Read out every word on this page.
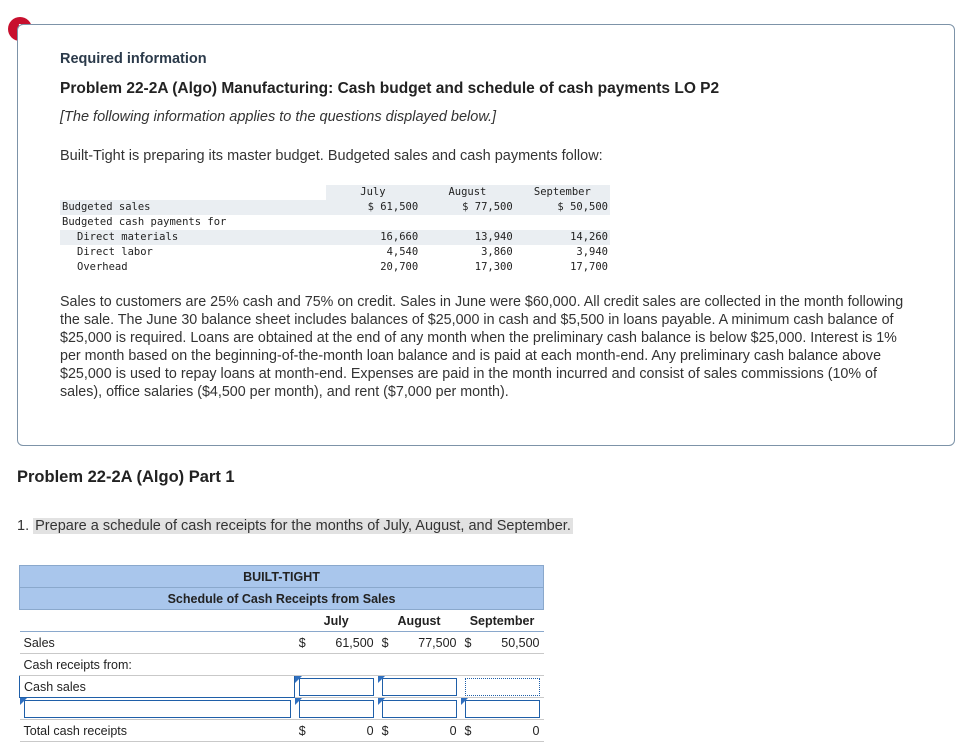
Required information
Problem 22-2A (Algo) Manufacturing: Cash budget and schedule of cash payments LO P2
[The following information applies to the questions displayed below.]
Built-Tight is preparing its master budget. Budgeted sales and cash payments follow:
	July	August	September
Budgeted sales	$ 61,500	$ 77,500	$ 50,500
Budgeted cash payments for			
Direct materials	16,660	13,940	14,260
Direct labor	4,540	3,860	3,940
Overhead	20,700	17,300	17,700
Sales to customers are 25% cash and 75% on credit. Sales in June were $60,000. All credit sales are collected in the month following the sale. The June 30 balance sheet includes balances of $25,000 in cash and $5,500 in loans payable. A minimum cash balance of $25,000 is required. Loans are obtained at the end of any month when the preliminary cash balance is below $25,000. Interest is 1% per month based on the beginning-of-the-month loan balance and is paid at each month-end. Any preliminary cash balance above $25,000 is used to repay loans at month-end. Expenses are paid in the month incurred and consist of sales commissions (10% of sales), office salaries ($4,500 per month), and rent ($7,000 per month).
Problem 22-2A (Algo) Part 1
1. Prepare a schedule of cash receipts for the months of July, August, and September.
BUILT-TIGHT			
Schedule of Cash Receipts from Sales			
	July	August	September
Sales	$ 61,500	$ 77,500	$ 50,500
Cash receipts from:			
Cash sales	

Total cash receipts	$ 0	$ 0	$ 0
